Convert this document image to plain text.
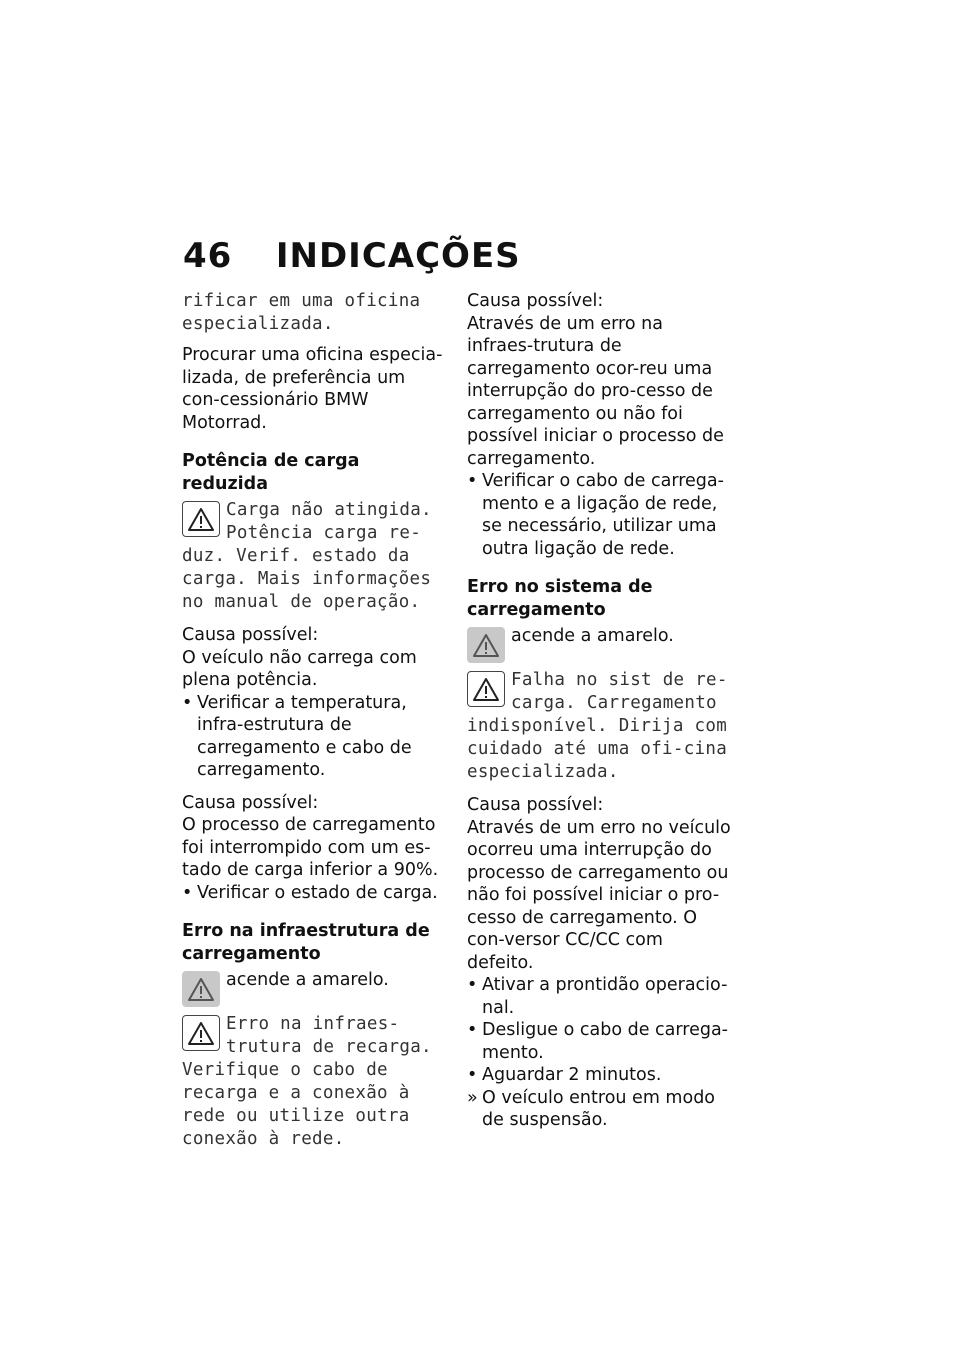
46 INDICAÇÕES

rificar em uma oficina especializada.

Procurar uma oficina especia-lizada, de preferência um con-cessionário BMW Motorrad.

Potência de carga reduzida

Carga não atingida. Potência carga re-duz. Verif. estado da carga. Mais informações no manual de operação.

Causa possível:

O veículo não carrega com plena potência.

• Verificar a temperatura, infra-estrutura de carregamento e cabo de carregamento.

Causa possível:

O processo de carregamento foi interrompido com um es-tado de carga inferior a 90%.

• Verificar o estado de carga.

Erro na infraestrutura de carregamento

acende a amarelo.

Erro na infraes-trutura de recarga. Verifique o cabo de recarga e a conexão à rede ou utilize outra conexão à rede.

Causa possível:

Através de um erro na infraes-trutura de carregamento ocor-reu uma interrupção do pro-cesso de carregamento ou não foi possível iniciar o processo de carregamento.

• Verificar o cabo de carrega-mento e a ligação de rede, se necessário, utilizar uma outra ligação de rede.

Erro no sistema de carregamento

acende a amarelo.

Falha no sist de re-carga. Carregamento indisponível. Dirija com cuidado até uma ofi-cina especializada.

Causa possível:

Através de um erro no veículo ocorreu uma interrupção do processo de carregamento ou não foi possível iniciar o pro-cesso de carregamento. O con-versor CC/CC com defeito.

• Ativar a prontidão operacio-nal.
• Desligue o cabo de carrega-mento.
• Aguardar 2 minutos.
» O veículo entrou em modo de suspensão.
